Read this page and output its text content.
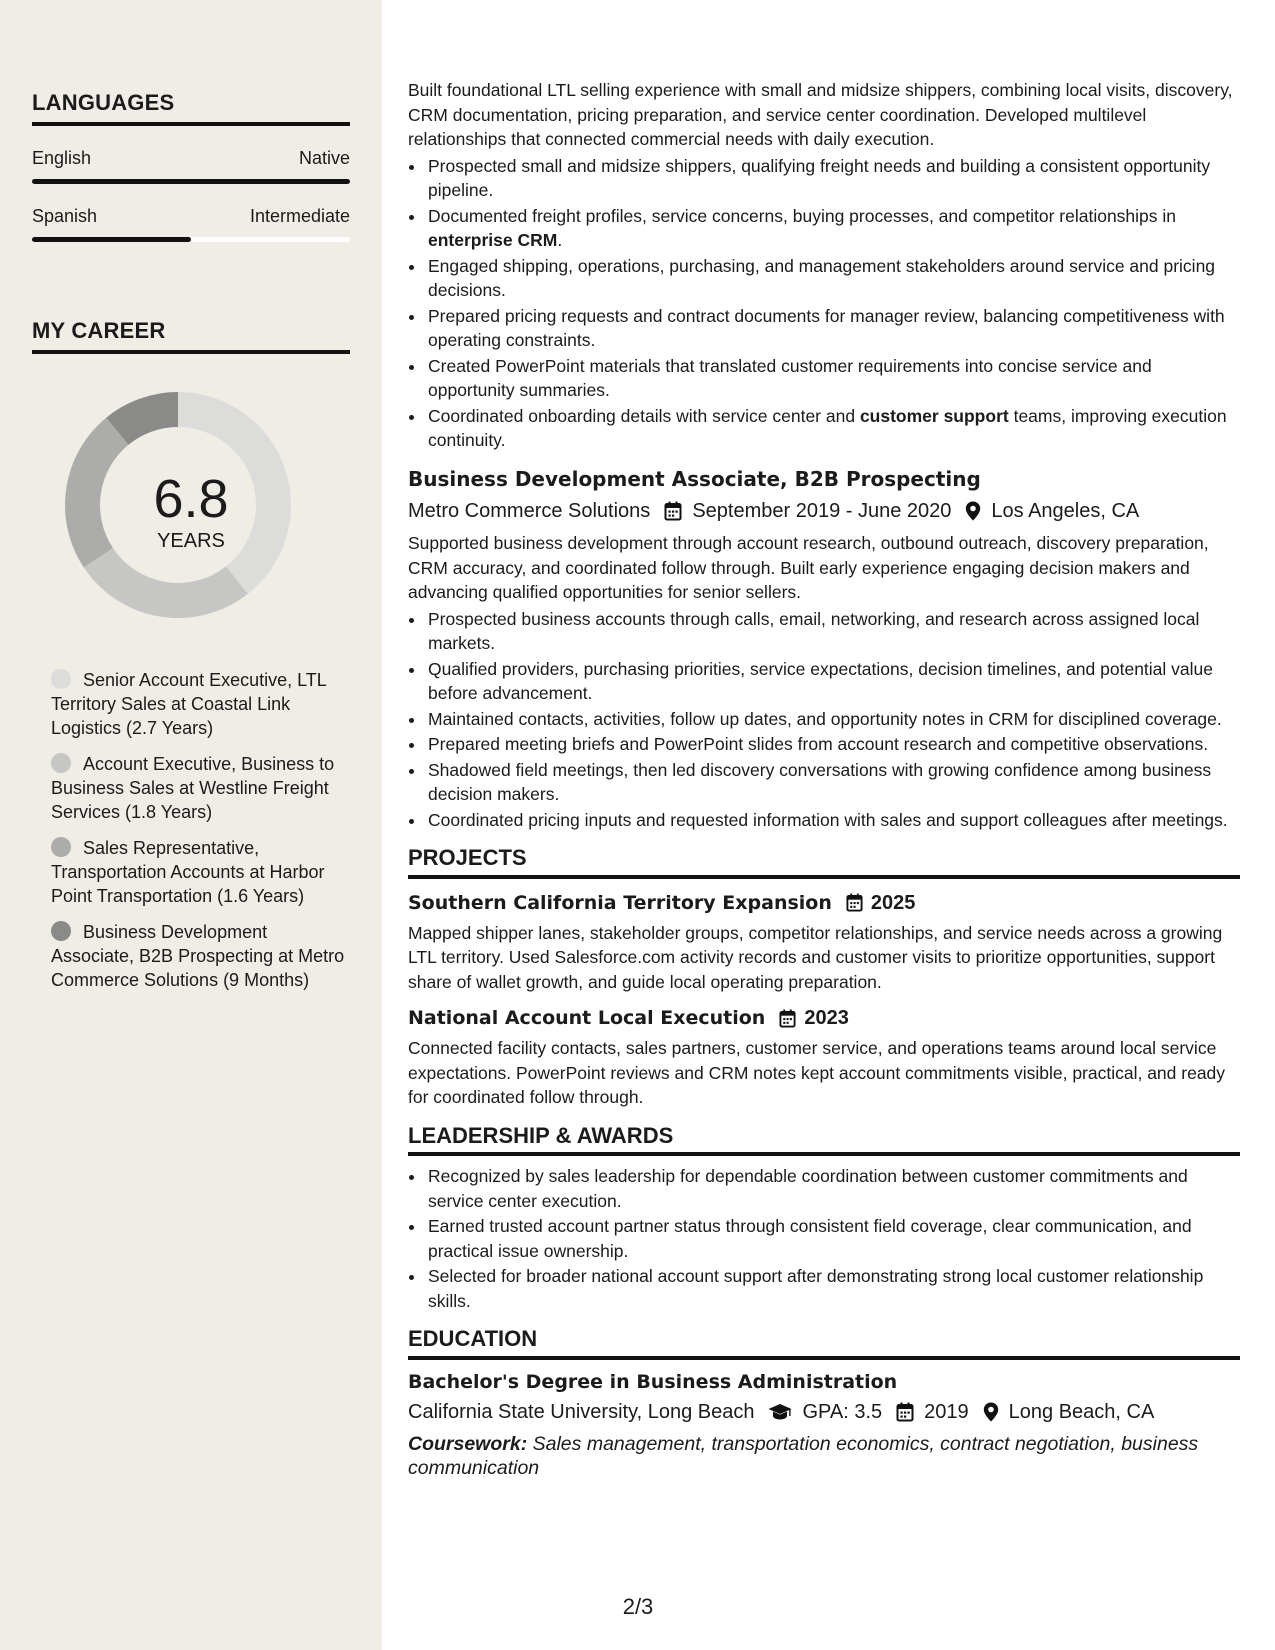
LANGUAGES
English	Native
Spanish	Intermediate
MY CAREER
6.8
YEARS
Senior Account Executive, LTL Territory Sales at Coastal Link Logistics (2.7 Years)
Account Executive, Business to Business Sales at Westline Freight Services (1.8 Years)
Sales Representative, Transportation Accounts at Harbor Point Transportation (1.6 Years)
Business Development Associate, B2B Prospecting at Metro Commerce Solutions (9 Months)

Built foundational LTL selling experience with small and midsize shippers, combining local visits, discovery, CRM documentation, pricing preparation, and service center coordination. Developed multilevel relationships that connected commercial needs with daily execution.

• Prospected small and midsize shippers, qualifying freight needs and building a consistent opportunity pipeline.
• Documented freight profiles, service concerns, buying processes, and competitor relationships in enterprise CRM.
• Engaged shipping, operations, purchasing, and management stakeholders around service and pricing decisions.
• Prepared pricing requests and contract documents for manager review, balancing competitiveness with operating constraints.
• Created PowerPoint materials that translated customer requirements into concise service and opportunity summaries.
• Coordinated onboarding details with service center and customer support teams, improving execution continuity.
Business Development Associate, B2B Prospecting
Metro Commerce Solutions September 2019 - June 2020 Los Angeles, CA

Supported business development through account research, outbound outreach, discovery preparation, CRM accuracy, and coordinated follow through. Built early experience engaging decision makers and advancing qualified opportunities for senior sellers.

• Prospected business accounts through calls, email, networking, and research across assigned local markets.
• Qualified providers, purchasing priorities, service expectations, decision timelines, and potential value before advancement.
• Maintained contacts, activities, follow up dates, and opportunity notes in CRM for disciplined coverage.
• Prepared meeting briefs and PowerPoint slides from account research and competitive observations.
• Shadowed field meetings, then led discovery conversations with growing confidence among business decision makers.
• Coordinated pricing inputs and requested information with sales and support colleagues after meetings.
PROJECTS
Southern California Territory Expansion 2025

Mapped shipper lanes, stakeholder groups, competitor relationships, and service needs across a growing LTL territory. Used Salesforce.com activity records and customer visits to prioritize opportunities, support share of wallet growth, and guide local operating preparation.

National Account Local Execution 2023

Connected facility contacts, sales partners, customer service, and operations teams around local service expectations. PowerPoint reviews and CRM notes kept account commitments visible, practical, and ready for coordinated follow through.

LEADERSHIP & AWARDS
• Recognized by sales leadership for dependable coordination between customer commitments and service center execution.
• Earned trusted account partner status through consistent field coverage, clear communication, and practical issue ownership.
• Selected for broader national account support after demonstrating strong local customer relationship skills.
EDUCATION
Bachelor's Degree in Business Administration
California State University, Long Beach GPA: 3.5 2019 Long Beach, CA
Coursework: Sales management, transportation economics, contract negotiation, business communication
2/3
